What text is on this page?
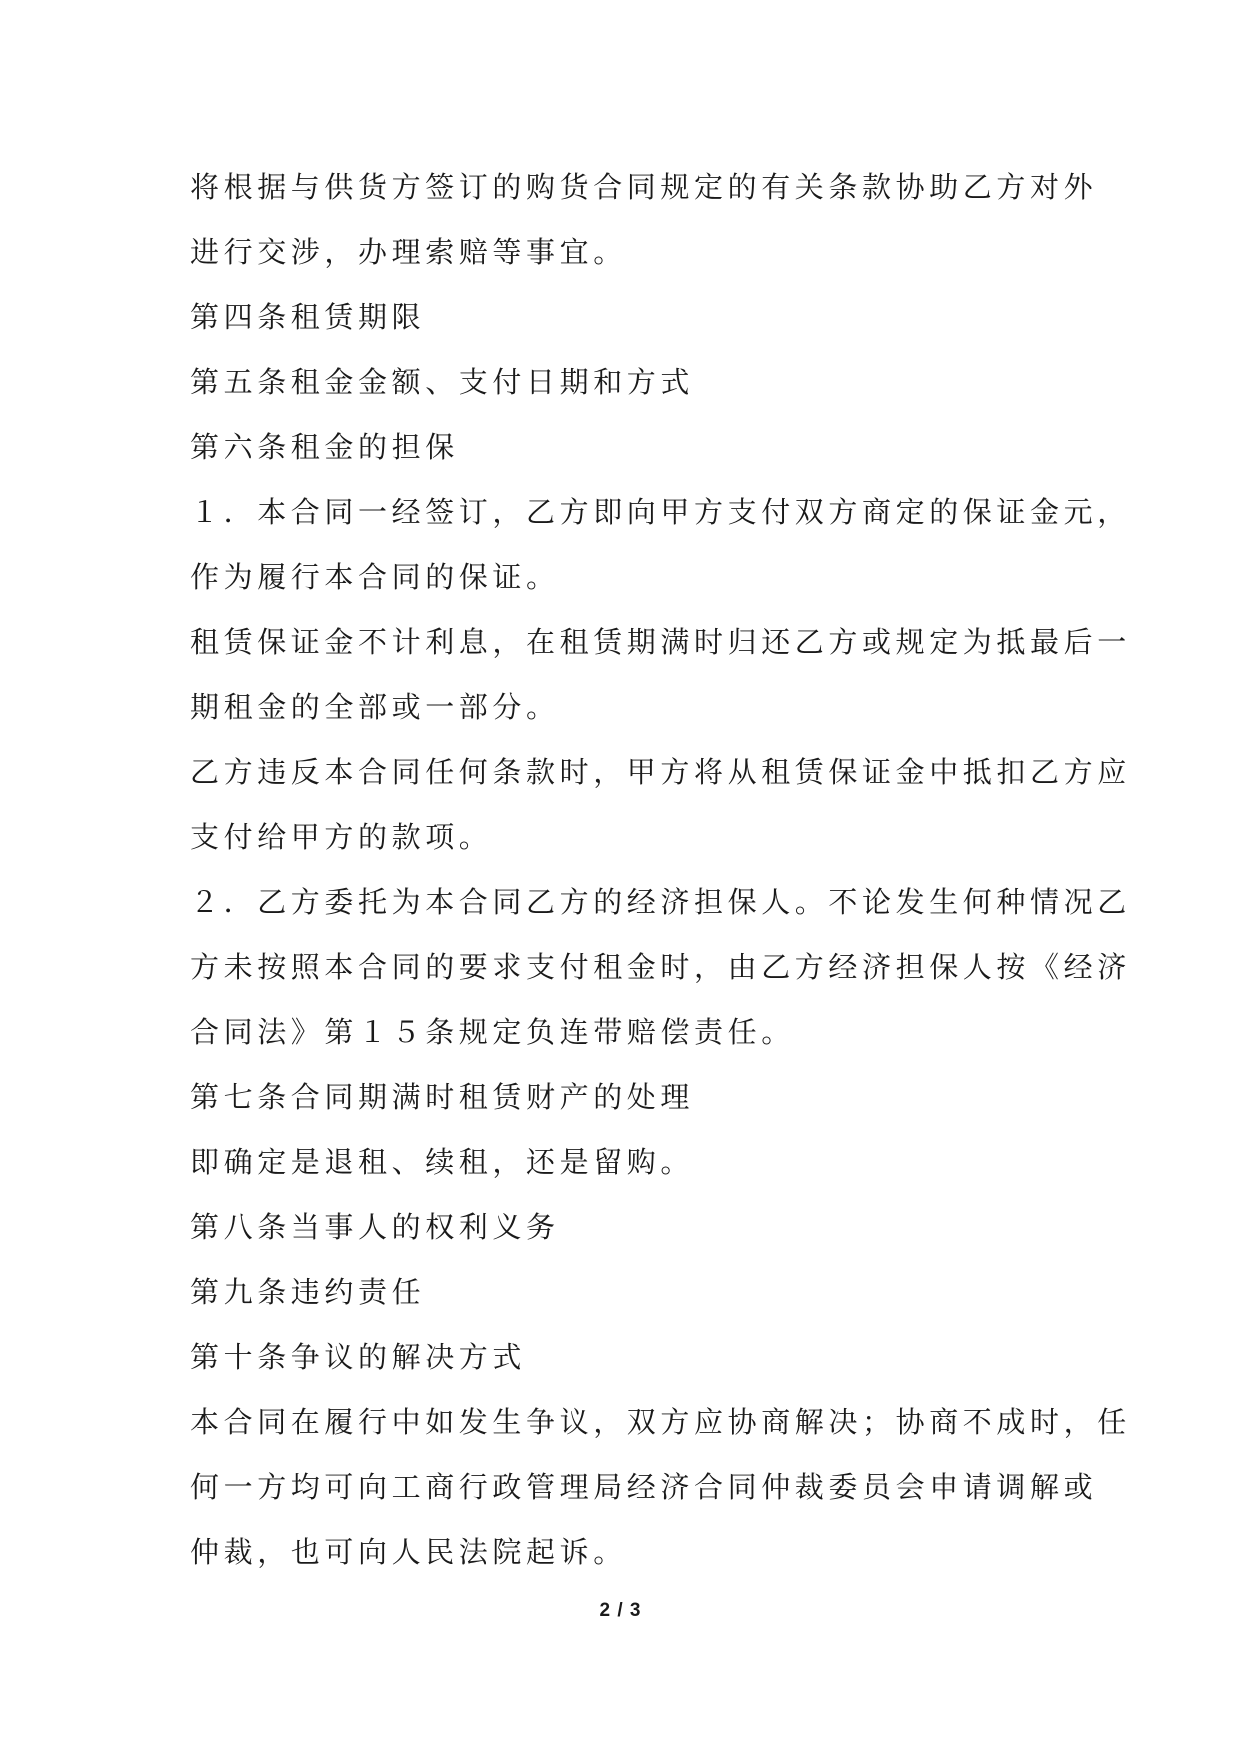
将根据与供货方签订的购货合同规定的有关条款协助乙方对外
进行交涉，办理索赔等事宜。
第四条租赁期限
第五条租金金额、支付日期和方式
第六条租金的担保
１．本合同一经签订，乙方即向甲方支付双方商定的保证金元，
作为履行本合同的保证。
租赁保证金不计利息，在租赁期满时归还乙方或规定为抵最后一
期租金的全部或一部分。
乙方违反本合同任何条款时，甲方将从租赁保证金中抵扣乙方应
支付给甲方的款项。
２．乙方委托为本合同乙方的经济担保人。不论发生何种情况乙
方未按照本合同的要求支付租金时，由乙方经济担保人按《经济
合同法》第１５条规定负连带赔偿责任。
第七条合同期满时租赁财产的处理
即确定是退租、续租，还是留购。
第八条当事人的权利义务
第九条违约责任
第十条争议的解决方式
本合同在履行中如发生争议，双方应协商解决；协商不成时，任
何一方均可向工商行政管理局经济合同仲裁委员会申请调解或
仲裁，也可向人民法院起诉。
2 / 3
